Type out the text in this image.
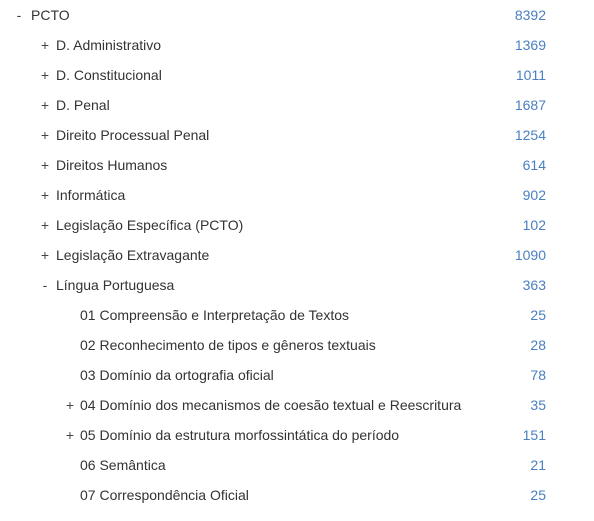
- PCTO	8392
+ D. Administrativo	1369
+ D. Constitucional	1011
+ D. Penal	1687
+ Direito Processual Penal	1254
+ Direitos Humanos	614
+ Informática	902
+ Legislação Específica (PCTO)	102
+ Legislação Extravagante	1090
- Língua Portuguesa	363
01 Compreensão e Interpretação de Textos	25
02 Reconhecimento de tipos e gêneros textuais	28
03 Domínio da ortografia oficial	78
+ 04 Domínio dos mecanismos de coesão textual e Reescritura	35
+ 05 Domínio da estrutura morfossintática do período	151
06 Semântica	21
07 Correspondência Oficial	25
